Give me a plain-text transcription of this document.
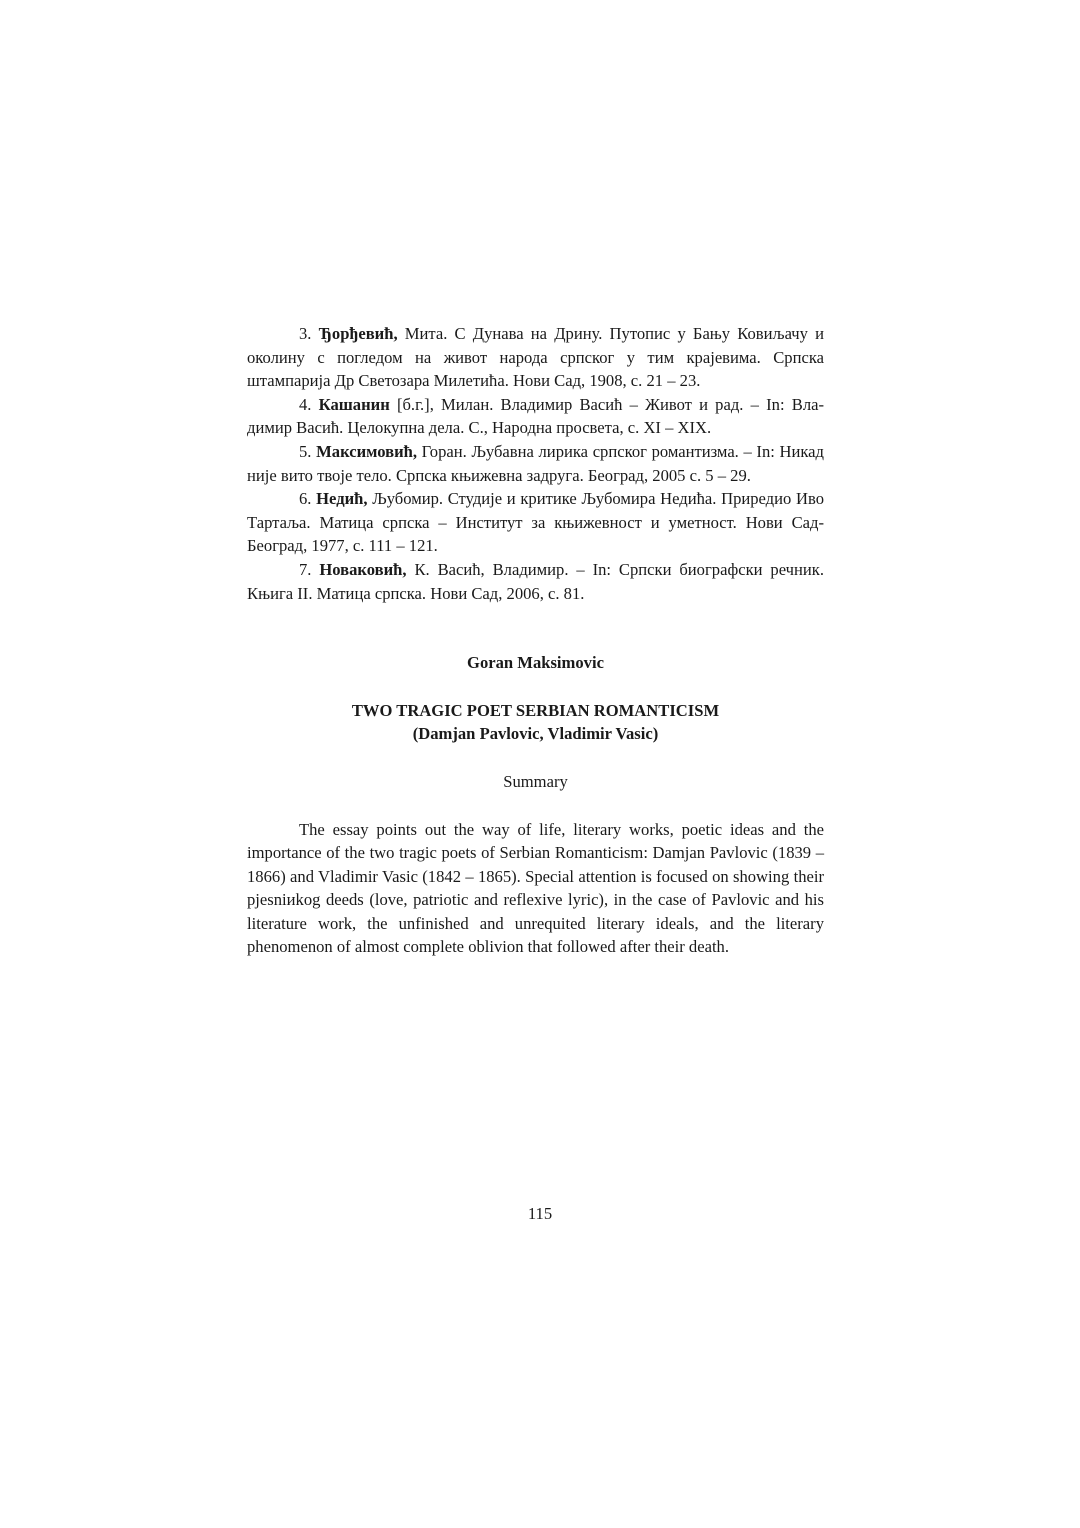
3. Ђорђевић, Мита. С Дунава на Дрину. Путопис у Бању Ковиљачу и околину с погледом на живот народа српског у тим крајевима. Српска штампарија Др Светозара Милетића. Нови Сад, 1908, с. 21 – 23.

4. Кашанин [б.г.], Милан. Владимир Васић – Живот и рад. – In: Вла-димир Васић. Целокупна дела. С., Народна просвета, с. XI – XIX.

5. Максимовић, Горан. Љубавна лирика српског романтизма. – In: Никад није вито твоје тело. Српска књижевна задруга. Београд, 2005 с. 5 – 29.

6. Недић, Љубомир. Студије и критике Љубомира Недића. Приредио Иво Тартаља. Матица српска – Институт за књижевност и уметност. Нови Сад-Београд, 1977, с. 111 – 121.

7. Новаковић, К. Васић, Владимир. – In: Српски биографски речник. Књига II. Матица српска. Нови Сад, 2006, с. 81.

Goran Maksimovic

TWO TRAGIC POET SERBIAN ROMANTICISM

(Damjan Pavlovic, Vladimir Vasic)

Summary

The essay points out the way of life, literary works, poetic ideas and the importance of the two tragic poets of Serbian Romanticism: Damjan Pavlovic (1839 – 1866) and Vladimir Vasic (1842 – 1865). Special attention is focused on showing their pjesniиkog deeds (love, patriotic and reflexive lyric), in the case of Pavlovic and his literature work, the unfinished and unrequited literary ideals, and the literary phenomenon of almost complete oblivion that followed after their death.

115
